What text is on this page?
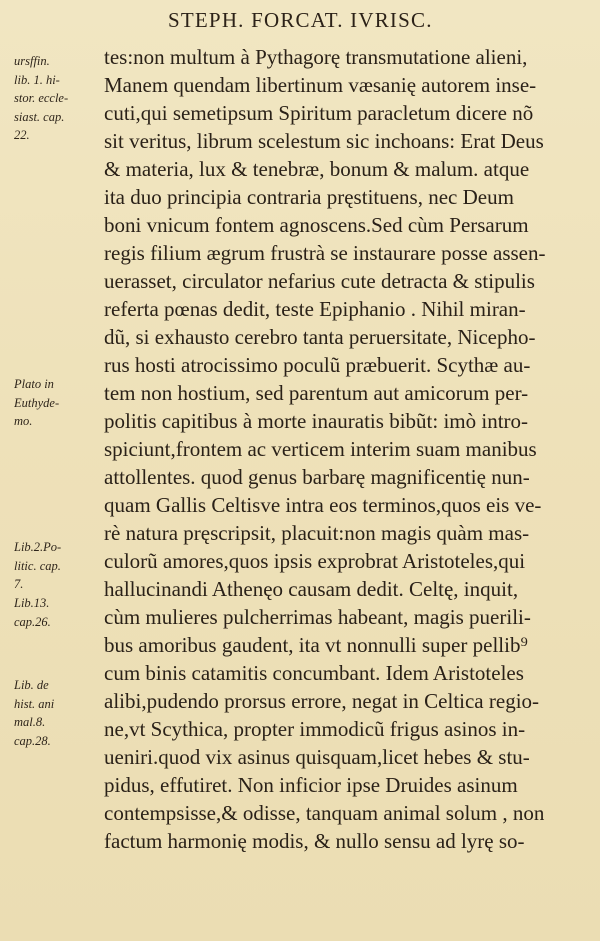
STEPH. FORCAT. IVRISC.
ursffin.
lib. 1. hi-
stor. eccle-
siast. cap.
22.
Plato in
Euthyde-
mo.
Lib.2.Po-
litic. cap.
7.
Lib.13.
cap.26.
Lib. de
hist. ani
mal.8.
cap.28.
tes:non multum à Pythagorę transmutatione alieni,
Manem quendam libertinum væsanię autorem inse-
cuti,qui semetipsum Spiritum paracletum dicere nõ
sit veritus, librum scelestum sic inchoans: Erat Deus
& materia, lux & tenebræ, bonum & malum. atque
ita duo principia contraria pręstituens, nec Deum
boni vnicum fontem agnoscens.Sed cùm Persarum
regis filium ægrum frustrà se instaurare posse assen-
uerasset, circulator nefarius cute detracta & stipulis
referta pœnas dedit, teste Epiphanio . Nihil miran-
dũ, si exhausto cerebro tanta peruersitate, Nicepho-
rus hosti atrocissimo poculũ præbuerit. Scythæ au-
tem non hostium, sed parentum aut amicorum per-
politis capitibus à morte inauratis bibũt: imò intro-
spiciunt,frontem ac verticem interim suam manibus
attollentes. quod genus barbarę magnificentię nun-
quam Gallis Celtisve intra eos terminos,quos eis ve-
rè natura pręscripsit, placuit:non magis quàm mas-
culorũ amores,quos ipsis exprobrat Aristoteles,qui
hallucinandi Athenęo causam dedit. Celtę, inquit,
cùm mulieres pulcherrimas habeant, magis puerili-
bus amoribus gaudent, ita vt nonnulli super pellib⁹
cum binis catamitis concumbant. Idem Aristoteles
alibi,pudendo prorsus errore, negat in Celtica regio-
ne,vt Scythica, propter immodicũ frigus asinos in-
ueniri.quod vix asinus quisquam,licet hebes & stu-
pidus, effutiret. Non inficior ipse Druides asinum
contempsisse,& odisse, tanquam animal solum , non
factum harmonię modis, & nullo sensu ad lyrę so-
